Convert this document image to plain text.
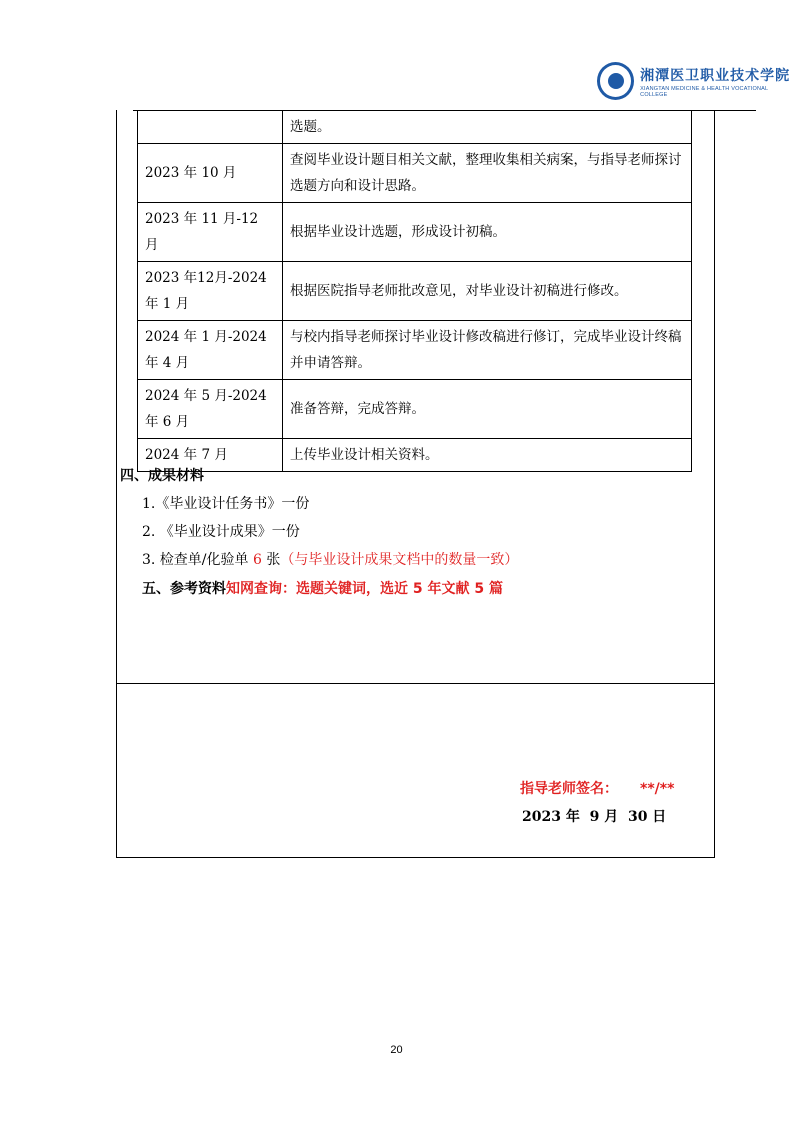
湘潭医卫职业技术学院
XIANGTAN MEDICINE & HEALTH VOCATIONAL COLLEGE
	选题。
2023 年 10 月	查阅毕业设计题目相关文献，整理收集相关病案，与指导老师探讨选题方向和设计思路。
2023 年 11 月-12 月	根据毕业设计选题，形成设计初稿。
2023 年12月-2024 年 1 月	根据医院指导老师批改意见，对毕业设计初稿进行修改。
2024 年 1 月-2024 年 4 月	与校内指导老师探讨毕业设计修改稿进行修订，完成毕业设计终稿并申请答辩。
2024 年 5 月-2024 年 6 月	准备答辩，完成答辩。
2024 年 7 月	上传毕业设计相关资料。
四、成果材料
1.《毕业设计任务书》一份
2. 《毕业设计成果》一份
3. 检查单/化验单 6 张（与毕业设计成果文档中的数量一致）
五、参考资料知网查询：选题关键词，选近 5 年文献 5 篇
指导老师签名： **/**
2023 年  9 月  30 日
20
